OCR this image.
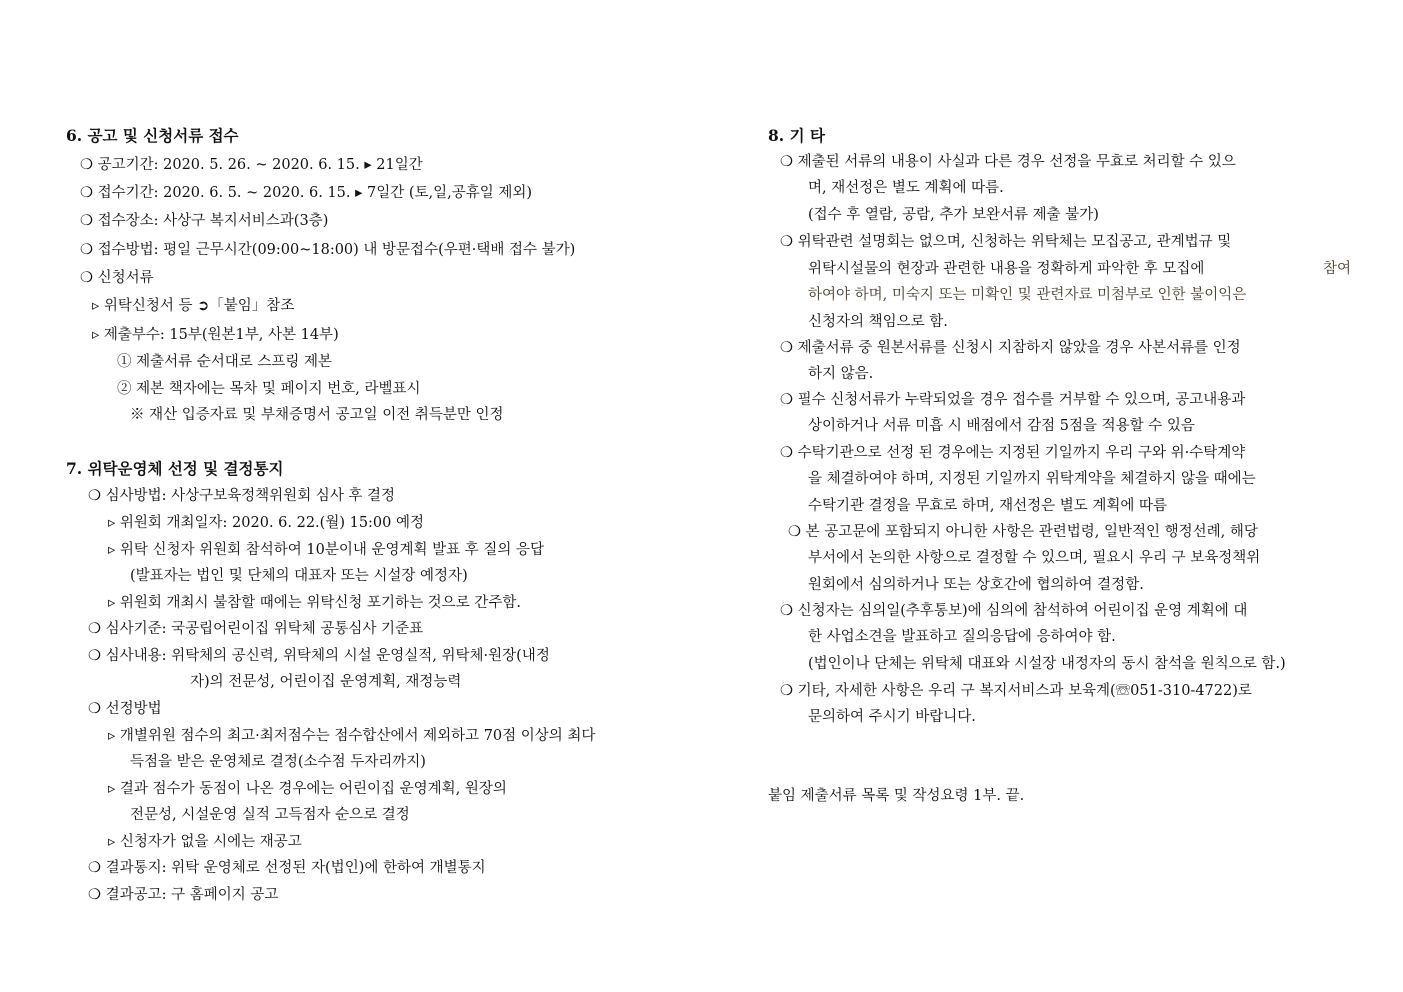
6. 공고 및 신청서류 접수
❍ 공고기간: 2020. 5. 26. ~ 2020. 6. 15. ▸ 21일간
❍ 접수기간: 2020. 6. 5. ~ 2020. 6. 15. ▸ 7일간 (토,일,공휴일 제외)
❍ 접수장소: 사상구 복지서비스과(3층)
❍ 접수방법: 평일 근무시간(09:00~18:00) 내 방문접수(우편·택배 접수 불가)
❍ 신청서류
▹ 위탁신청서 등 ➲「붙임」참조
▹ 제출부수: 15부(원본1부, 사본 14부)
① 제출서류 순서대로 스프링 제본
② 제본 책자에는 목차 및 페이지 번호, 라벨표시
※ 재산 입증자료 및 부채증명서 공고일 이전 취득분만 인정
7. 위탁운영체 선정 및 결정통지
❍ 심사방법: 사상구보육정책위원회 심사 후 결정
▹ 위원회 개최일자: 2020. 6. 22.(월) 15:00 예정
▹ 위탁 신청자 위원회 참석하여 10분이내 운영계획 발표 후 질의 응답
(발표자는 법인 및 단체의 대표자 또는 시설장 예정자)
▹ 위원회 개최시 불참할 때에는 위탁신청 포기하는 것으로 간주함.
❍ 심사기준: 국공립어린이집 위탁체 공통심사 기준표
❍ 심사내용: 위탁체의 공신력, 위탁체의 시설 운영실적, 위탁체·원장(내정
자)의 전문성, 어린이집 운영계획, 재정능력
❍ 선정방법
▹ 개별위원 점수의 최고·최저점수는 점수합산에서 제외하고 70점 이상의 최다
득점을 받은 운영체로 결정(소수점 두자리까지)
▹ 결과 점수가 동점이 나온 경우에는 어린이집 운영계획, 원장의
전문성, 시설운영 실적 고득점자 순으로 결정
▹ 신청자가 없을 시에는 재공고
❍ 결과통지: 위탁 운영체로 선정된 자(법인)에 한하여 개별통지
❍ 결과공고: 구 홈페이지 공고
8. 기 타
❍ 제출된 서류의 내용이 사실과 다른 경우 선정을 무효로 처리할 수 있으
며, 재선정은 별도 계획에 따름.
(접수 후 열람, 공람, 추가 보완서류 제출 불가)
❍ 위탁관련 설명회는 없으며, 신청하는 위탁체는 모집공고, 관계법규 및
위탁시설물의 현장과 관련한 내용을 정확하게 파악한 후 모집에	참여
하여야 하며, 미숙지 또는 미확인 및 관련자료 미첨부로 인한 불이익은
신청자의 책임으로 함.
❍ 제출서류 중 원본서류를 신청시 지참하지 않았을 경우 사본서류를 인정
하지 않음.
❍ 필수 신청서류가 누락되었을 경우 접수를 거부할 수 있으며, 공고내용과
상이하거나 서류 미흡 시 배점에서 감점 5점을 적용할 수 있음
❍ 수탁기관으로 선정 된 경우에는 지정된 기일까지 우리 구와 위·수탁계약
을 체결하여야 하며, 지정된 기일까지 위탁계약을 체결하지 않을 때에는
수탁기관 결정을 무효로 하며, 재선정은 별도 계획에 따름
❍ 본 공고문에 포함되지 아니한 사항은 관련법령, 일반적인 행정선례, 해당
부서에서 논의한 사항으로 결정할 수 있으며, 필요시 우리 구 보육정책위
원회에서 심의하거나 또는 상호간에 협의하여 결정함.
❍ 신청자는 심의일(추후통보)에 심의에 참석하여 어린이집 운영 계획에 대
한 사업소견을 발표하고 질의응답에 응하여야 함.
(법인이나 단체는 위탁체 대표와 시설장 내정자의 동시 참석을 원칙으로 함.)
❍ 기타, 자세한 사항은 우리 구 복지서비스과 보육계(☏051-310-4722)로
문의하여 주시기 바랍니다.
붙임 제출서류 목록 및 작성요령 1부. 끝.
